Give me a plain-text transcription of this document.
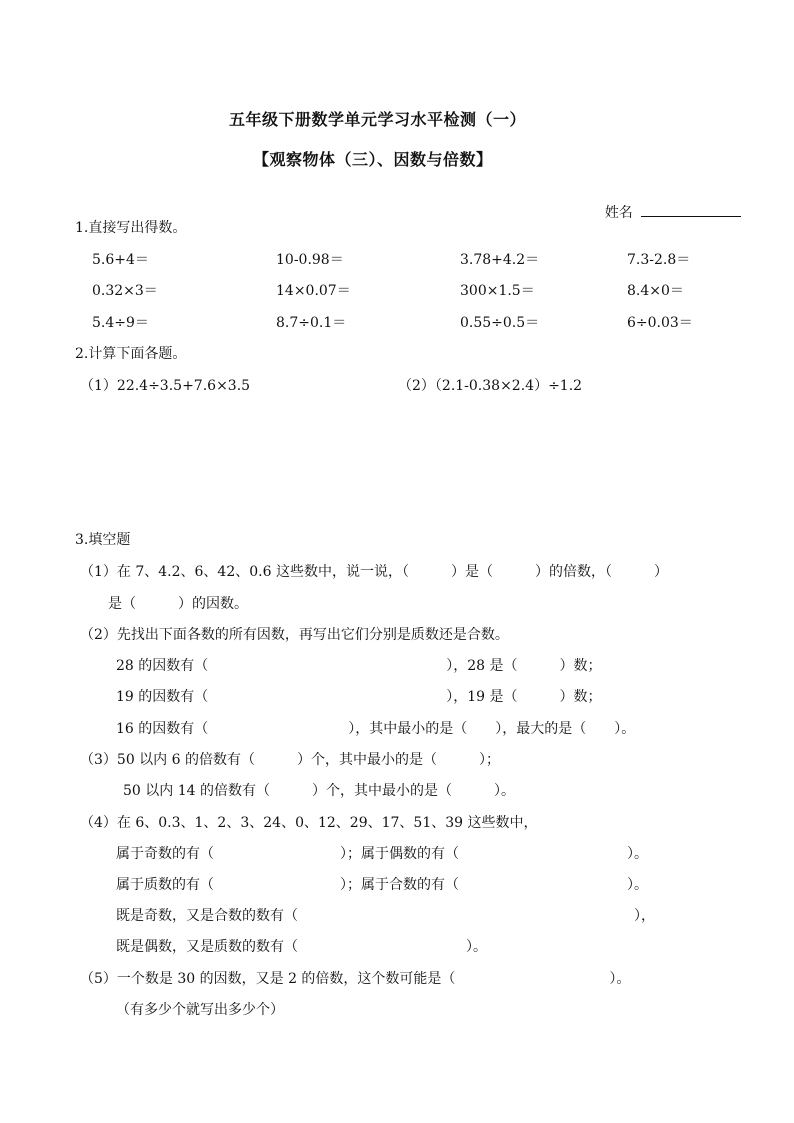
五年级下册数学单元学习水平检测（一）
【观察物体（三）、因数与倍数】

姓名

1.直接写出得数。
5.6+4＝	10-0.98＝	3.78+4.2＝	7.3-2.8＝
0.32×3＝	14×0.07＝	300×1.5＝	8.4×0＝
5.4÷9＝	8.7÷0.1＝	0.55÷0.5＝	6÷0.03＝
2.计算下面各题。
（1）22.4÷3.5+7.6×3.5	（2）（2.1-0.38×2.4）÷1.2
3.填空题
（1）在 7、4.2、6、42、0.6 这些数中，说一说，（　　　）是（　　　）的倍数，（　　　）
是（　　　）的因数。
（2）先找出下面各数的所有因数，再写出它们分别是质数还是合数。
28 的因数有（　　　　　　　　　　　　　　　　　），28 是（　　　）数；
19 的因数有（　　　　　　　　　　　　　　　　　），19 是（　　　）数；
16 的因数有（　　　　　　　　　　），其中最小的是（　　），最大的是（　　）。
（3）50 以内 6 的倍数有（　　　）个，其中最小的是（　　　）；
50 以内 14 的倍数有（　　　）个，其中最小的是（　　　）。
（4）在 6、0.3、1、2、3、24、0、12、29、17、51、39 这些数中，
属于奇数的有（　　　　　　　　　）；属于偶数的有（　　　　　　　　　　　　）。
属于质数的有（　　　　　　　　　）；属于合数的有（　　　　　　　　　　　　）。
既是奇数，又是合数的数有（　　　　　　　　　　　　　　　　　　　　　　　　），
既是偶数，又是质数的数有（　　　　　　　　　　　　）。
（5）一个数是 30 的因数，又是 2 的倍数，这个数可能是（　　　　　　　　　　　）。
（有多少个就写出多少个）
